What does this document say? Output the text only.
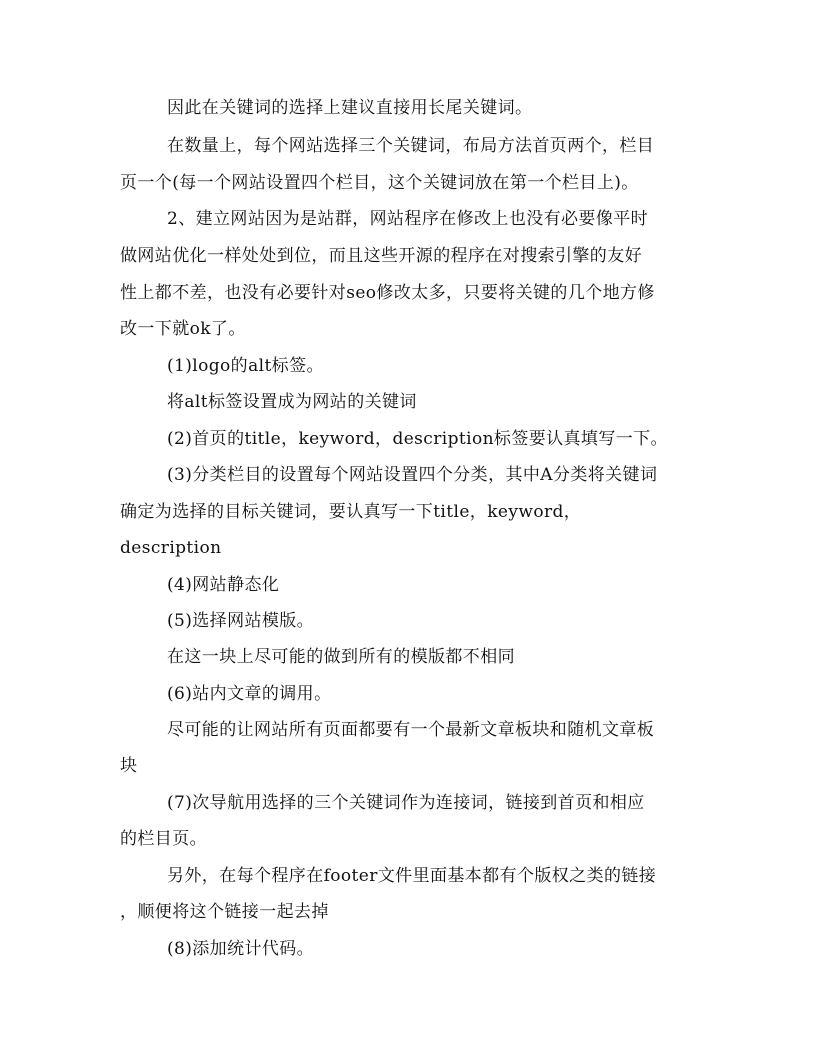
因此在关键词的选择上建议直接用长尾关键词。
在数量上，每个网站选择三个关键词，布局方法首页两个，栏目
页一个(每一个网站设置四个栏目，这个关键词放在第一个栏目上)。
2、建立网站因为是站群，网站程序在修改上也没有必要像平时
做网站优化一样处处到位，而且这些开源的程序在对搜索引擎的友好
性上都不差，也没有必要针对seo修改太多，只要将关键的几个地方修
改一下就ok了。
(1)logo的alt标签。
将alt标签设置成为网站的关键词
(2)首页的title，keyword，description标签要认真填写一下。
(3)分类栏目的设置每个网站设置四个分类，其中A分类将关键词
确定为选择的目标关键词，要认真写一下title，keyword，
description
(4)网站静态化
(5)选择网站模版。
在这一块上尽可能的做到所有的模版都不相同
(6)站内文章的调用。
尽可能的让网站所有页面都要有一个最新文章板块和随机文章板
块
(7)次导航用选择的三个关键词作为连接词，链接到首页和相应
的栏目页。
另外，在每个程序在footer文件里面基本都有个版权之类的链接
，顺便将这个链接一起去掉
(8)添加统计代码。
